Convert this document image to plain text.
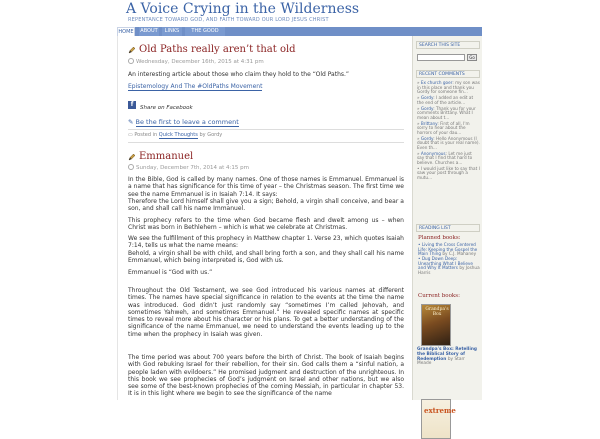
A Voice Crying in the Wilderness
REPENTANCE TOWARD GOD, AND FAITH TOWARD OUR LORD JESUS CHRIST
HOME ABOUT	LINKS	THE GOOD
Old Paths really aren’t that old
Wednesday, December 16th, 2015 at 4:31 pm
An interesting article about those who claim they hold to the “Old Paths.”
Epistemology And The #OldPaths Movement
f	Share on Facebook
✎ Be the first to leave a comment
▭ Posted in Quick Thoughts by Gordy
Emmanuel
Sunday, December 7th, 2014 at 4:15 pm
In the Bible, God is called by many names. One of those names is Emmanuel. Emmanuel is a name that has significance for this time of year – the Christmas season. The first time we see the name Emmanuel is in Isaiah 7:14. It says:
Therefore the Lord himself shall give you a sign; Behold, a virgin shall conceive, and bear a son, and shall call his name Immanuel.
This prophecy refers to the time when God became flesh and dwelt among us – when Christ was born in Bethlehem – which is what we celebrate at Christmas.
We see the fulfillment of this prophecy in Matthew chapter 1. Verse 23, which quotes Isaiah 7:14, tells us what the name means:
Behold, a virgin shall be with child, and shall bring forth a son, and they shall call his name Emmanuel, which being interpreted is, God with us.
Emmanuel is “God with us.”
Throughout the Old Testament, we see God introduced his various names at different times. The names have special significance in relation to the events at the time the name was introduced. God didn’t just randomly say “sometimes I’m called Jehovah, and sometimes Yahweh, and sometimes Emmanuel.” He revealed specific names at specific times to reveal more about his character or his plans. To get a better understanding of the significance of the name Emmanuel, we need to understand the events leading up to the time when the prophecy in Isaiah was given.
The time period was about 700 years before the birth of Christ. The book of Isaiah begins with God rebuking Israel for their rebellion, for their sin. God calls them a “sinful nation, a people laden with evildoers.” He promised judgment and destruction of the unrighteous. In this book we see prophecies of God’s judgment on Israel and other nations, but we also see some of the best-known prophecies of the coming Messiah, in particular in chapter 53. It is in this light where we begin to see the significance of the name
SEARCH THIS SITE
Go
RECENT COMMENTS
» Ex church goer: my son was in this place and thank you Gordy for someone fin...
» Gordy: I added an edit at the end of the article...
» Gordy: Thank you for your comments Brittany. What I mean about t...
» Brittany: First of all, I'm sorry to hear about the horrors of your dau...
» Gordy: Hello Anonymous (I doubt that is your real name). Even th...
» Anonymous: Let me just say that I find that hard to believe. Churches a...
• I would just like to say that I saw your post through a mutu...
READING LIST
Planned books:
• Living the Cross Centered Life: Keeping the Gospel the Main Thing by C.J. Mahaney
• Dug Down Deep: Unearthing What I Believe and Why It Matters by Joshua Harris
Current books:
Grandpa's Box
Grandpa's Box: Retelling the Biblical Story of Redemption by Starr Meade
extreme
